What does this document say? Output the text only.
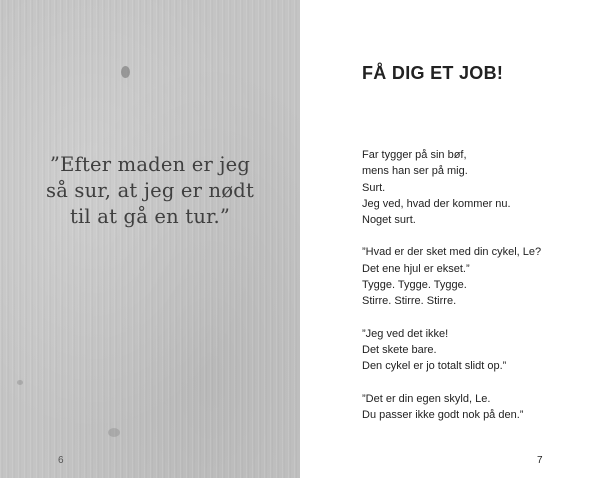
”Efter maden er jeg
så sur, at jeg er nødt
til at gå en tur.”
6
FÅ DIG ET JOB!
Far tygger på sin bøf,
mens han ser på mig.
Surt.
Jeg ved, hvad der kommer nu.
Noget surt.
”Hvad er der sket med din cykel, Le?
Det ene hjul er ekset.”
Tygge. Tygge. Tygge.
Stirre. Stirre. Stirre.
”Jeg ved det ikke!
Det skete bare.
Den cykel er jo totalt slidt op.”
”Det er din egen skyld, Le.
Du passer ikke godt nok på den.”
7
